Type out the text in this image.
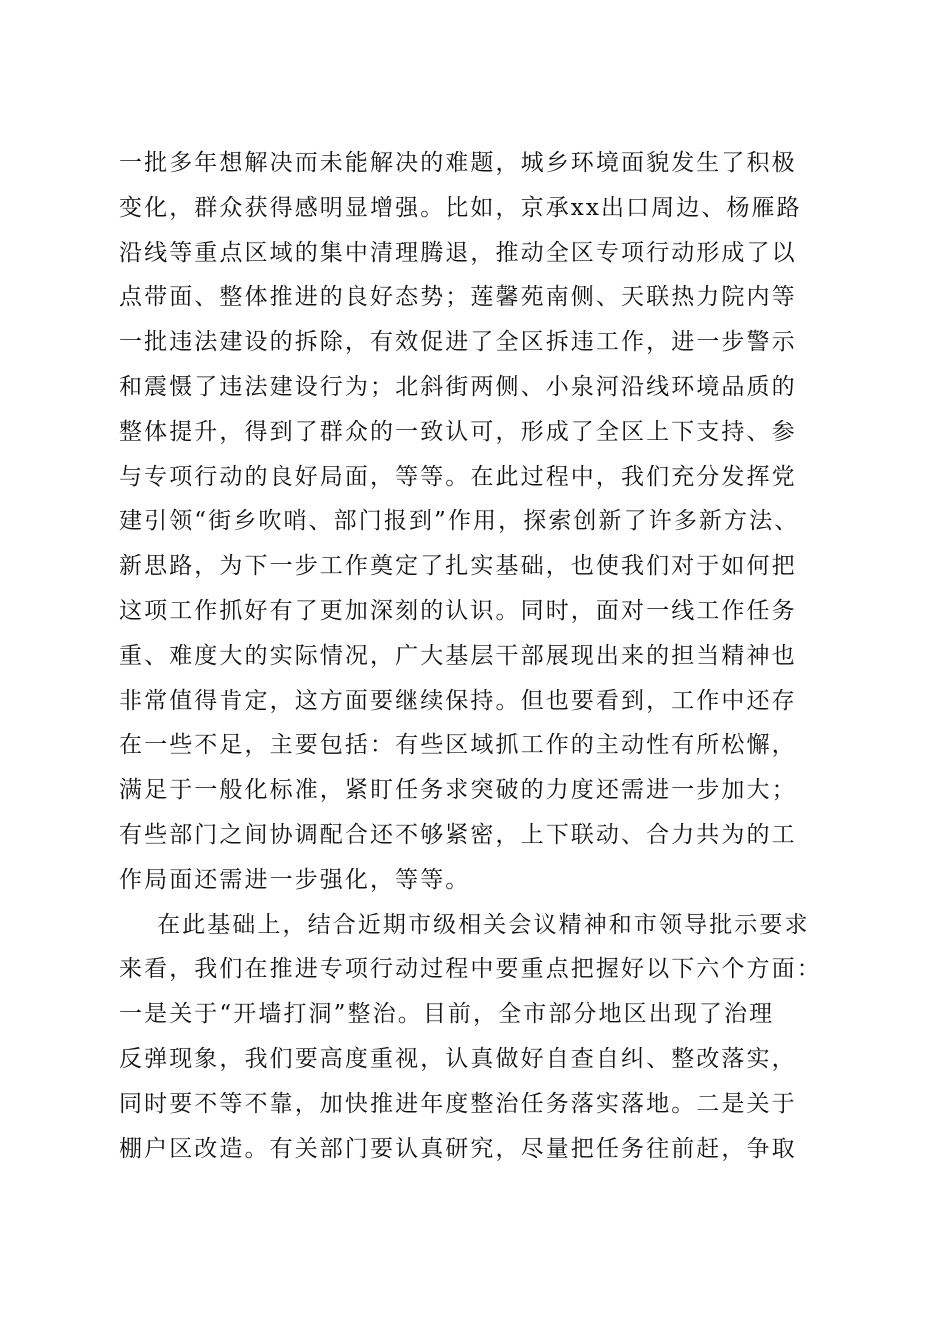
一批多年想解决而未能解决的难题，城乡环境面貌发生了积极
变化，群众获得感明显增强。比如，京承xx出口周边、杨雁路
沿线等重点区域的集中清理腾退，推动全区专项行动形成了以
点带面、整体推进的良好态势；莲馨苑南侧、天联热力院内等
一批违法建设的拆除，有效促进了全区拆违工作，进一步警示
和震慑了违法建设行为；北斜街两侧、小泉河沿线环境品质的
整体提升，得到了群众的一致认可，形成了全区上下支持、参
与专项行动的良好局面，等等。在此过程中，我们充分发挥党
建引领“街乡吹哨、部门报到”作用，探索创新了许多新方法、
新思路，为下一步工作奠定了扎实基础，也使我们对于如何把
这项工作抓好有了更加深刻的认识。同时，面对一线工作任务
重、难度大的实际情况，广大基层干部展现出来的担当精神也
非常值得肯定，这方面要继续保持。但也要看到，工作中还存
在一些不足，主要包括：有些区域抓工作的主动性有所松懈，
满足于一般化标准，紧盯任务求突破的力度还需进一步加大；
有些部门之间协调配合还不够紧密，上下联动、合力共为的工
作局面还需进一步强化，等等。
在此基础上，结合近期市级相关会议精神和市领导批示要求
来看，我们在推进专项行动过程中要重点把握好以下六个方面：
一是关于“开墙打洞”整治。目前，全市部分地区出现了治理
反弹现象，我们要高度重视，认真做好自查自纠、整改落实，
同时要不等不靠，加快推进年度整治任务落实落地。二是关于
棚户区改造。有关部门要认真研究，尽量把任务往前赶，争取
